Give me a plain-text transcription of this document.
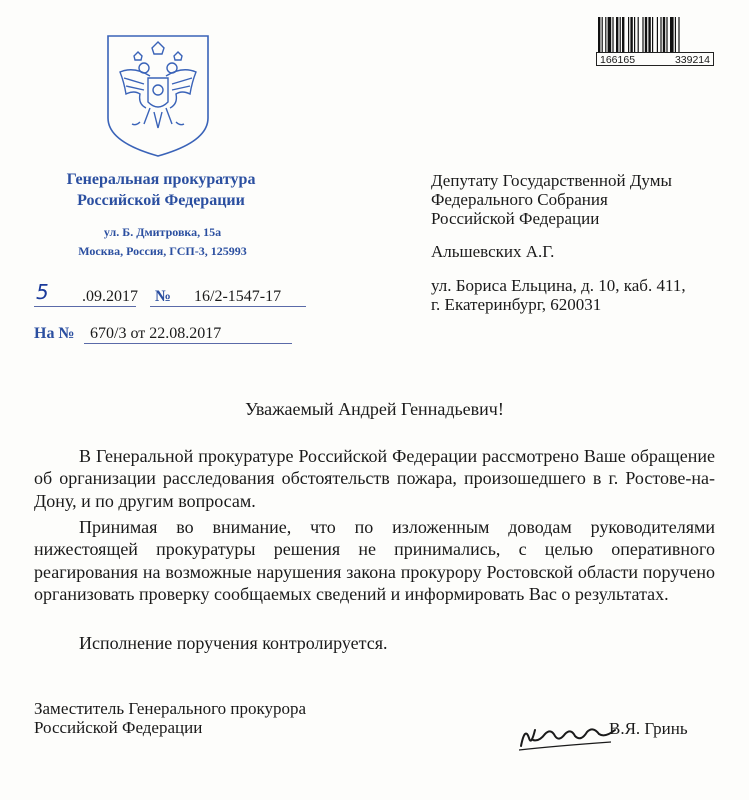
Генеральная прокуратура
Российской Федерации
ул. Б. Дмитровка, 15а
Москва, Россия, ГСП-3, 125993
166165	339214
5 .09.2017 № 16/2-1547-17
На № 670/3 от 22.08.2017
Депутату Государственной Думы
Федерального Собрания
Российской Федерации
Альшевских А.Г.
ул. Бориса Ельцина, д. 10, каб. 411,
г. Екатеринбург, 620031
Уважаемый Андрей Геннадьевич!

В Генеральной прокуратуре Российской Федерации рассмотрено Ваше обращение об организации расследования обстоятельств пожара, произошедшего в г. Ростове-на-Дону, и по другим вопросам.

Принимая во внимание, что по изложенным доводам руководителями нижестоящей прокуратуры решения не принимались, с целью оперативного реагирования на возможные нарушения закона прокурору Ростовской области поручено организовать проверку сообщаемых сведений и информировать Вас о результатах.

Исполнение поручения контролируется.

Заместитель Генерального прокурора
Российской Федерации	В.Я. Гринь
